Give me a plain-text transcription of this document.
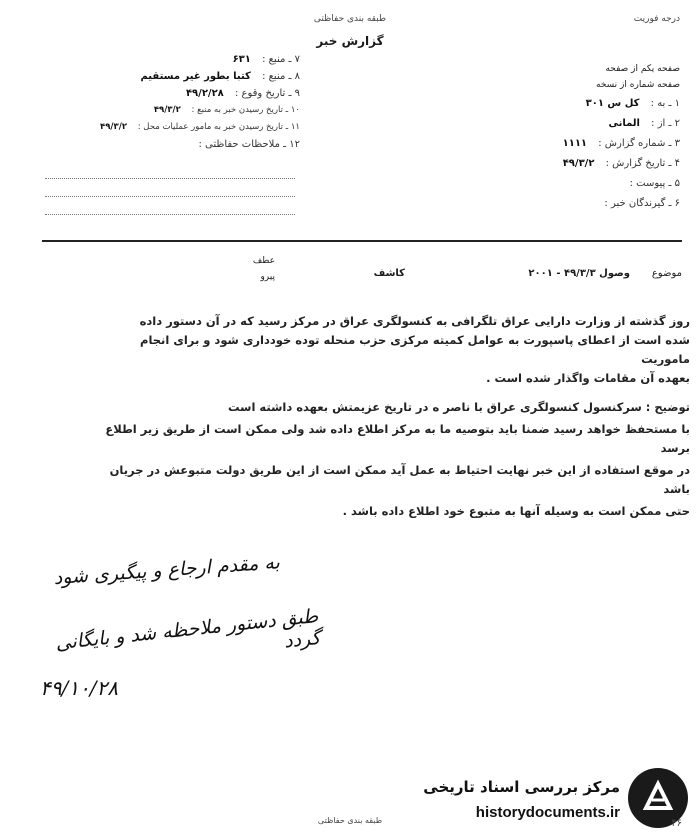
طبقه بندی حفاظتی	درجه فوریت
گزارش خبر
صفحه یکم از صفحه
صفحه شماره از نسخه
۱ ـ به : کل س ۳۰۱
۲ ـ از : المانی
۳ ـ شماره گزارش : ۱۱۱۱
۴ ـ تاریخ گزارش : ۴۹/۳/۲
۵ ـ پیوست :
۶ ـ گیرندگان خبر :
۷ ـ منبع : ۶۳۱
۸ ـ منبع : کتبا بطور غیر مستقیم
۹ ـ تاریخ وقوع : ۴۹/۲/۲۸
۱۰ ـ تاریخ رسیدن خبر به منبع : ۴۹/۳/۲
۱۱ ـ تاریخ رسیدن خبر به مامور عملیات محل : ۴۹/۳/۲
۱۲ ـ ملاحظات حفاظتی :
موضوع
وصول ۴۹/۳/۳ - ۲۰۰۱
کاشف
عطف
پیرو
روز گذشته از وزارت دارایی عراق تلگرافی به کنسولگری عراق در مرکز رسید که در آن دستور داده
شده است از اعطای پاسپورت به عوامل کمیته مرکزی حزب منحله توده خودداری شود و برای انجام ماموریت
بعهده آن مقامات واگذار شده است .
توضیح : سرکنسول کنسولگری عراق با ناصر ه در تاریخ عزیمتش بعهده داشته است
با مستحفظ خواهد رسید ضمنا باید بتوصیه ما به مرکز اطلاع داده شد ولی ممکن است از طریق زیر اطلاع برسد
در موقع استفاده از این خبر نهایت احتیاط به عمل آید ممکن است از این طریق دولت متبوعش در جریان باشد
حتی ممکن است به وسیله آنها به متبوع خود اطلاع داده باشد .
به مقدم ارجاع و پیگیری شود
طبق دستور ملاحظه شد و بایگانی گردد
۴۹/۱۰/۲۸
مرکز بررسی اسناد تاریخی
historydocuments.ir
طبقه بندی حفاظتی	۴۶
